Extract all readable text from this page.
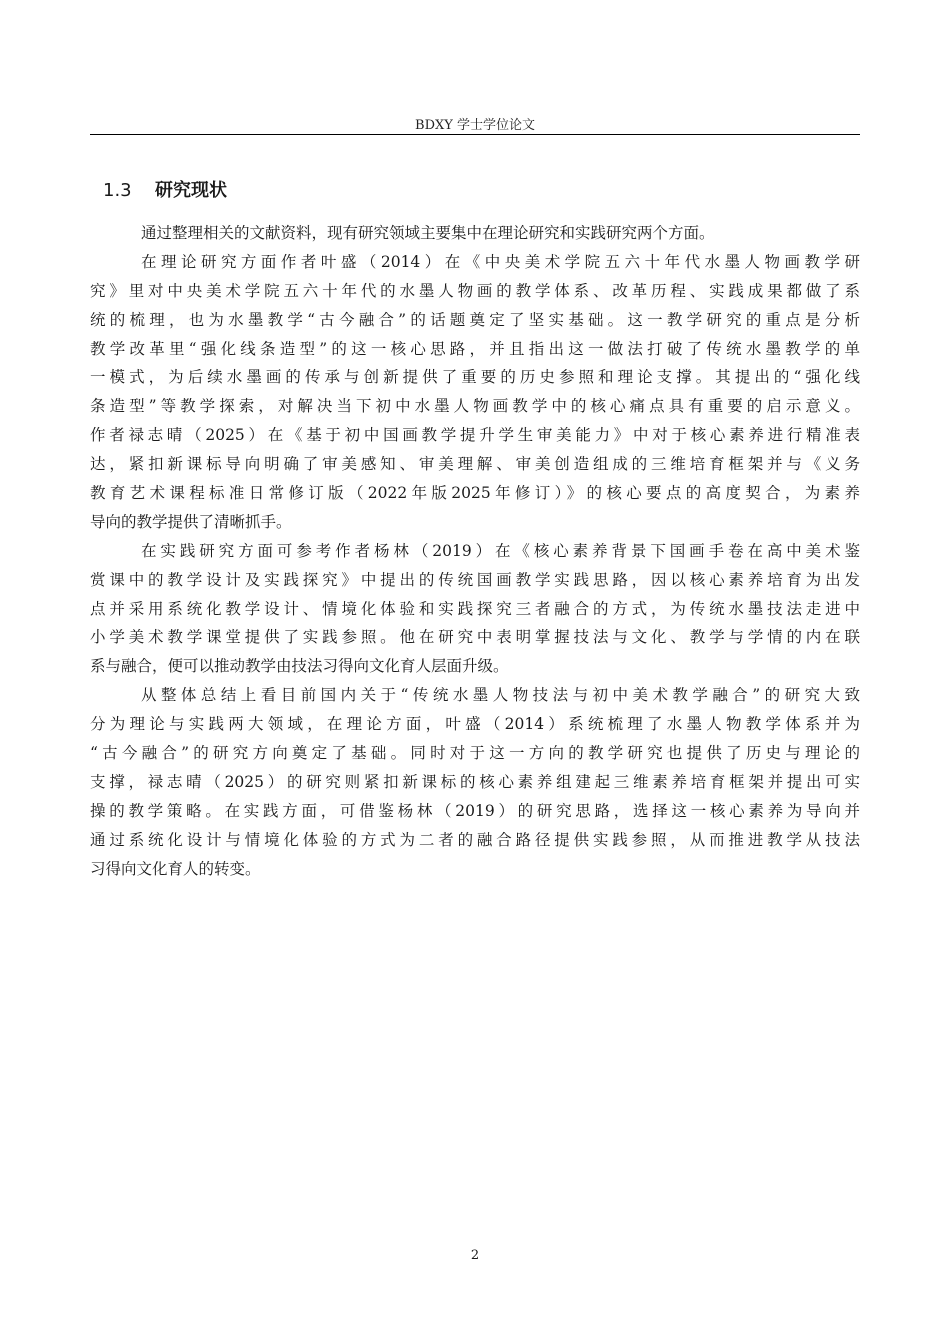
BDXY 学士学位论文
1.3 研究现状
通过整理相关的文献资料，现有研究领域主要集中在理论研究和实践研究两个方面。
在理论研究方面作者叶盛（2014）在《中央美术学院五六十年代水墨人物画教学研
究》里对中央美术学院五六十年代的水墨人物画的教学体系、改革历程、实践成果都做了系
统的梳理，也为水墨教学“古今融合”的话题奠定了坚实基础。这一教学研究的重点是分析
教学改革里“强化线条造型”的这一核心思路，并且指出这一做法打破了传统水墨教学的单
一模式，为后续水墨画的传承与创新提供了重要的历史参照和理论支撑。其提出的“强化线
条造型”等教学探索，对解决当下初中水墨人物画教学中的核心痛点具有重要的启示意义。
作者禄志晴（2025）在《基于初中国画教学提升学生审美能力》中对于核心素养进行精准表
达，紧扣新课标导向明确了审美感知、审美理解、审美创造组成的三维培育框架并与《义务
教育艺术课程标准日常修订版（2022年版2025年修订）》的核心要点的高度契合，为素养
导向的教学提供了清晰抓手。
在实践研究方面可参考作者杨林（2019）在《核心素养背景下国画手卷在高中美术鉴
赏课中的教学设计及实践探究》中提出的传统国画教学实践思路，因以核心素养培育为出发
点并采用系统化教学设计、情境化体验和实践探究三者融合的方式，为传统水墨技法走进中
小学美术教学课堂提供了实践参照。他在研究中表明掌握技法与文化、教学与学情的内在联
系与融合，便可以推动教学由技法习得向文化育人层面升级。
从整体总结上看目前国内关于“传统水墨人物技法与初中美术教学融合”的研究大致
分为理论与实践两大领域，在理论方面，叶盛（2014）系统梳理了水墨人物教学体系并为
“古今融合”的研究方向奠定了基础。同时对于这一方向的教学研究也提供了历史与理论的
支撑，禄志晴（2025）的研究则紧扣新课标的核心素养组建起三维素养培育框架并提出可实
操的教学策略。在实践方面，可借鉴杨林（2019）的研究思路，选择这一核心素养为导向并
通过系统化设计与情境化体验的方式为二者的融合路径提供实践参照，从而推进教学从技法
习得向文化育人的转变。
2
